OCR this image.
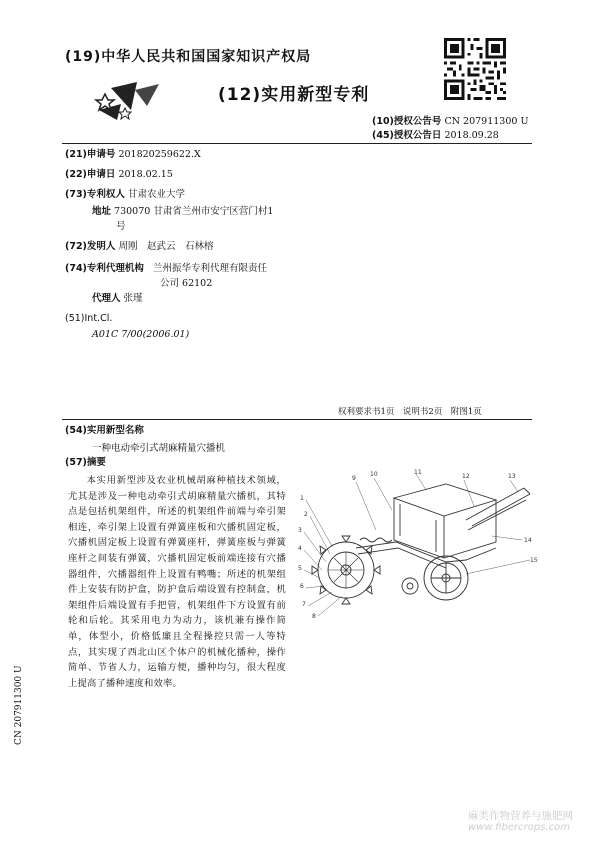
(19)中华人民共和国国家知识产权局
(12)实用新型专利
(10)授权公告号 CN 207911300 U
(45)授权公告日 2018.09.28
(21)申请号 201820259622.X
(22)申请日 2018.02.15
(73)专利权人 甘肃农业大学
地址 730070 甘肃省兰州市安宁区营门村1
号
(72)发明人 周刚　赵武云　石林榕
(74)专利代理机构 兰州振华专利代理有限责任
公司 62102
代理人 张瑾
(51)Int.Cl.
A01C 7/00(2006.01)
权利要求书1页　说明书2页　附图1页
(54)实用新型名称
一种电动牵引式胡麻精量穴播机
(57)摘要
本实用新型涉及农业机械胡麻种植技术领域，尤其是涉及一种电动牵引式胡麻精量穴播机，其特点是包括机架组件，所述的机架组件前端与牵引架相连，牵引架上设置有弹簧座板和穴播机固定板，穴播机固定板上设置有弹簧座杆，弹簧座板与弹簧座杆之间装有弹簧，穴播机固定板前端连接有穴播器组件，穴播器组件上设置有鸭嘴；所述的机架组件上安装有防护盒，防护盒后端设置有控制盒，机架组件后端设置有手把管，机架组件下方设置有前轮和后轮。其采用电力为动力，该机兼有操作简单，体型小，价格低廉且全程操控只需一人等特点，其实现了西北山区个体户的机械化播种，操作简单、节省人力，运输方便，播种均匀，很大程度上提高了播种速度和效率。
1
2
3
4
5
6
7
8
9
10	11
12	13
14
15
CN 207911300 U
麻类作物营养与施肥网
www.fibercrops.com
